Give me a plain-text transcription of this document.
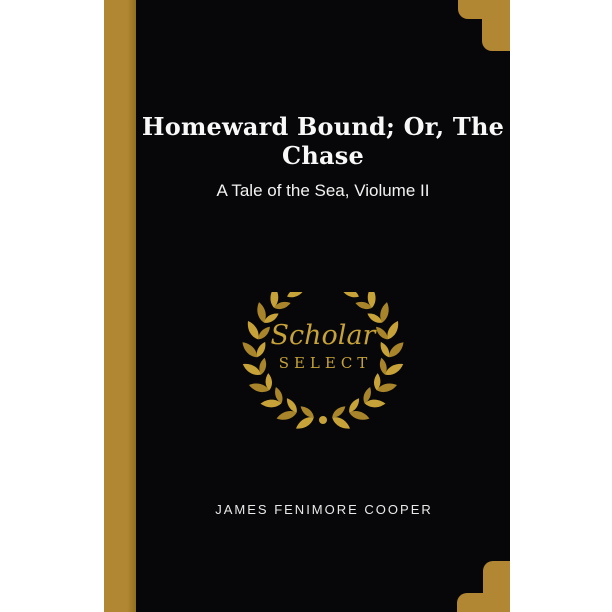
Homeward Bound; Or, The
Chase
A Tale of the Sea, Violume II
Scholar
SELECT
JAMES FENIMORE COOPER
